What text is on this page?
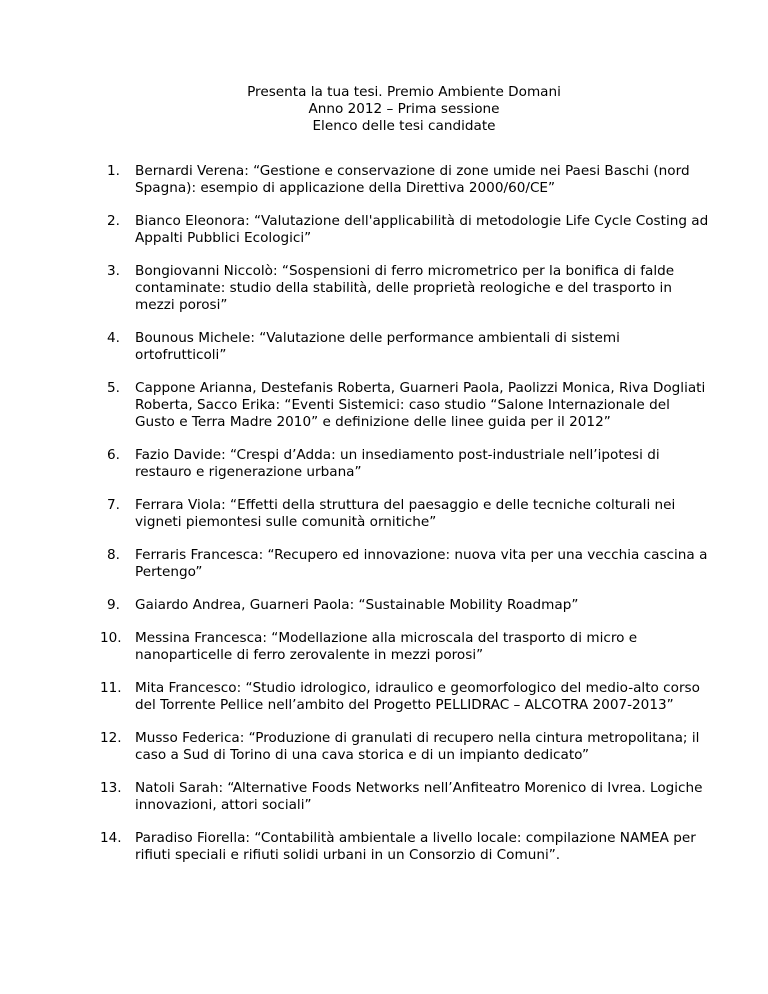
Presenta la tua tesi. Premio Ambiente Domani
Anno 2012 – Prima sessione
Elenco delle tesi candidate
1. Bernardi Verena: “Gestione e conservazione di zone umide nei Paesi Baschi (nord Spagna): esempio di applicazione della Direttiva 2000/60/CE”
2. Bianco Eleonora: “Valutazione dell'applicabilità di metodologie Life Cycle Costing ad Appalti Pubblici Ecologici”
3. Bongiovanni Niccolò: “Sospensioni di ferro micrometrico per la bonifica di falde contaminate: studio della stabilità, delle proprietà reologiche e del trasporto in mezzi porosi”
4. Bounous Michele: “Valutazione delle performance ambientali di sistemi ortofrutticoli”
5. Cappone Arianna, Destefanis Roberta, Guarneri Paola, Paolizzi Monica, Riva Dogliati Roberta, Sacco Erika: “Eventi Sistemici: caso studio “Salone Internazionale del Gusto e Terra Madre 2010” e definizione delle linee guida per il 2012”
6. Fazio Davide: “Crespi d’Adda: un insediamento post-industriale nell’ipotesi di restauro e rigenerazione urbana”
7. Ferrara Viola: “Effetti della struttura del paesaggio e delle tecniche colturali nei vigneti piemontesi sulle comunità ornitiche”
8. Ferraris Francesca: “Recupero ed innovazione: nuova vita per una vecchia cascina a Pertengo”
9. Gaiardo Andrea, Guarneri Paola: “Sustainable Mobility Roadmap”
10. Messina Francesca: “Modellazione alla microscala del trasporto di micro e nanoparticelle di ferro zerovalente in mezzi porosi”
11. Mita Francesco: “Studio idrologico, idraulico e geomorfologico del medio-alto corso del Torrente Pellice nell’ambito del Progetto PELLIDRAC – ALCOTRA 2007-2013”
12. Musso Federica: “Produzione di granulati di recupero nella cintura metropolitana; il caso a Sud di Torino di una cava storica e di un impianto dedicato”
13. Natoli Sarah: “Alternative Foods Networks nell’Anfiteatro Morenico di Ivrea. Logiche innovazioni, attori sociali”
14. Paradiso Fiorella: “Contabilità ambientale a livello locale: compilazione NAMEA per rifiuti speciali e rifiuti solidi urbani in un Consorzio di Comuni”.
